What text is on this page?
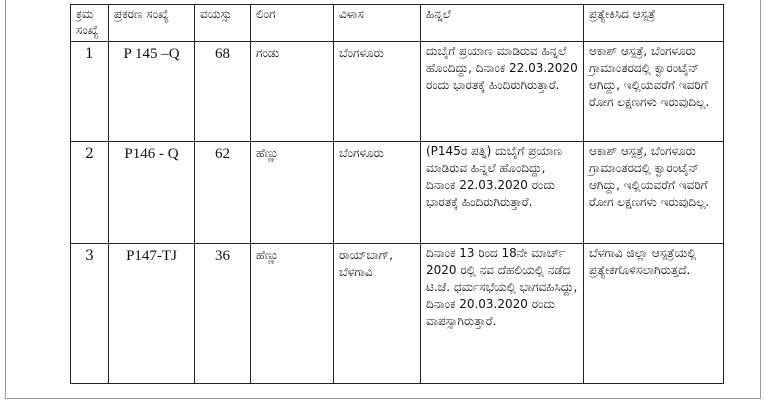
ಕ್ರಮ ಸಂಖ್ಯೆ	ಪ್ರಕರಣ ಸಂಖ್ಯೆ	ವಯಸ್ಸು	ಲಿಂಗ	ವಿಳಾಸ	ಹಿನ್ನಲೆ	ಪ್ರತ್ಯೇಕಿಸಿದ ಆಸ್ಪತ್ರೆ
1	P 145 –Q	68	ಗಂಡು	ಬೆಂಗಳೂರು	ದುಬೈಗೆ ಪ್ರಯಾಣ ಮಾಡಿರುವ ಹಿನ್ನಲೆ ಹೊಂದಿದ್ದು, ದಿನಾಂಕ 22.03.2020 ರಂದು ಭಾರತಕ್ಕೆ ಹಿಂದಿರುಗಿರುತ್ತಾರೆ.	ಆಕಾಶ್ ಆಸ್ಪತ್ರೆ, ಬೆಂಗಳೂರು ಗ್ರಾಮಾಂತರದಲ್ಲಿ ಕ್ವಾರಂಟೈನ್ ಆಗಿದ್ದು, ಇಲ್ಲಿಯವರೆಗೆ ಇವರಿಗೆ ರೋಗ ಲಕ್ಷಣಗಳು ಇರುವುದಿಲ್ಲ.
2	P146 - Q	62	ಹೆಣ್ಣು	ಬೆಂಗಳೂರು	(P145ರ ಪತ್ನಿ) ದುಬೈಗೆ ಪ್ರಯಾಣ ಮಾಡಿರುವ ಹಿನ್ನಲೆ ಹೊಂದಿದ್ದು, ದಿನಾಂಕ 22.03.2020 ರಂದು ಭಾರತಕ್ಕೆ ಹಿಂದಿರುಗಿರುತ್ತಾರೆ.	ಆಕಾಶ್ ಆಸ್ಪತ್ರೆ, ಬೆಂಗಳೂರು ಗ್ರಾಮಾಂತರದಲ್ಲಿ ಕ್ವಾರಂಟೈನ್ ಆಗಿದ್ದು, ಇಲ್ಲಿಯವರೆಗೆ ಇವರಿಗೆ ರೋಗ ಲಕ್ಷಣಗಳು ಇರುವುದಿಲ್ಲ.
3	P147-TJ	36	ಹೆಣ್ಣು	ರಾಯ್‌ಬಾಗ್, ಬೆಳಗಾವಿ	ದಿನಾಂಕ 13 ರಿಂದ 18ನೇ ಮಾರ್ಚ್ 2020 ರಲ್ಲಿ ನವ ದೆಹಲಿಯಲ್ಲಿ ನಡೆದ ಟಿ.ಜೆ. ಧರ್ಮಸಭೆಯಲ್ಲಿ ಭಾಗವಹಿಸಿದ್ದು, ದಿನಾಂಕ 20.03.2020 ರಂದು ವಾಪಸ್ಸಾಗಿರುತ್ತಾರೆ.	ಬೆಳಗಾವಿ ಜಿಲ್ಲಾ ಆಸ್ಪತ್ರೆಯಲ್ಲಿ ಪ್ರತ್ಯೇಕಗೊಳಿಸಲಾಗಿರುತ್ತದೆ.
